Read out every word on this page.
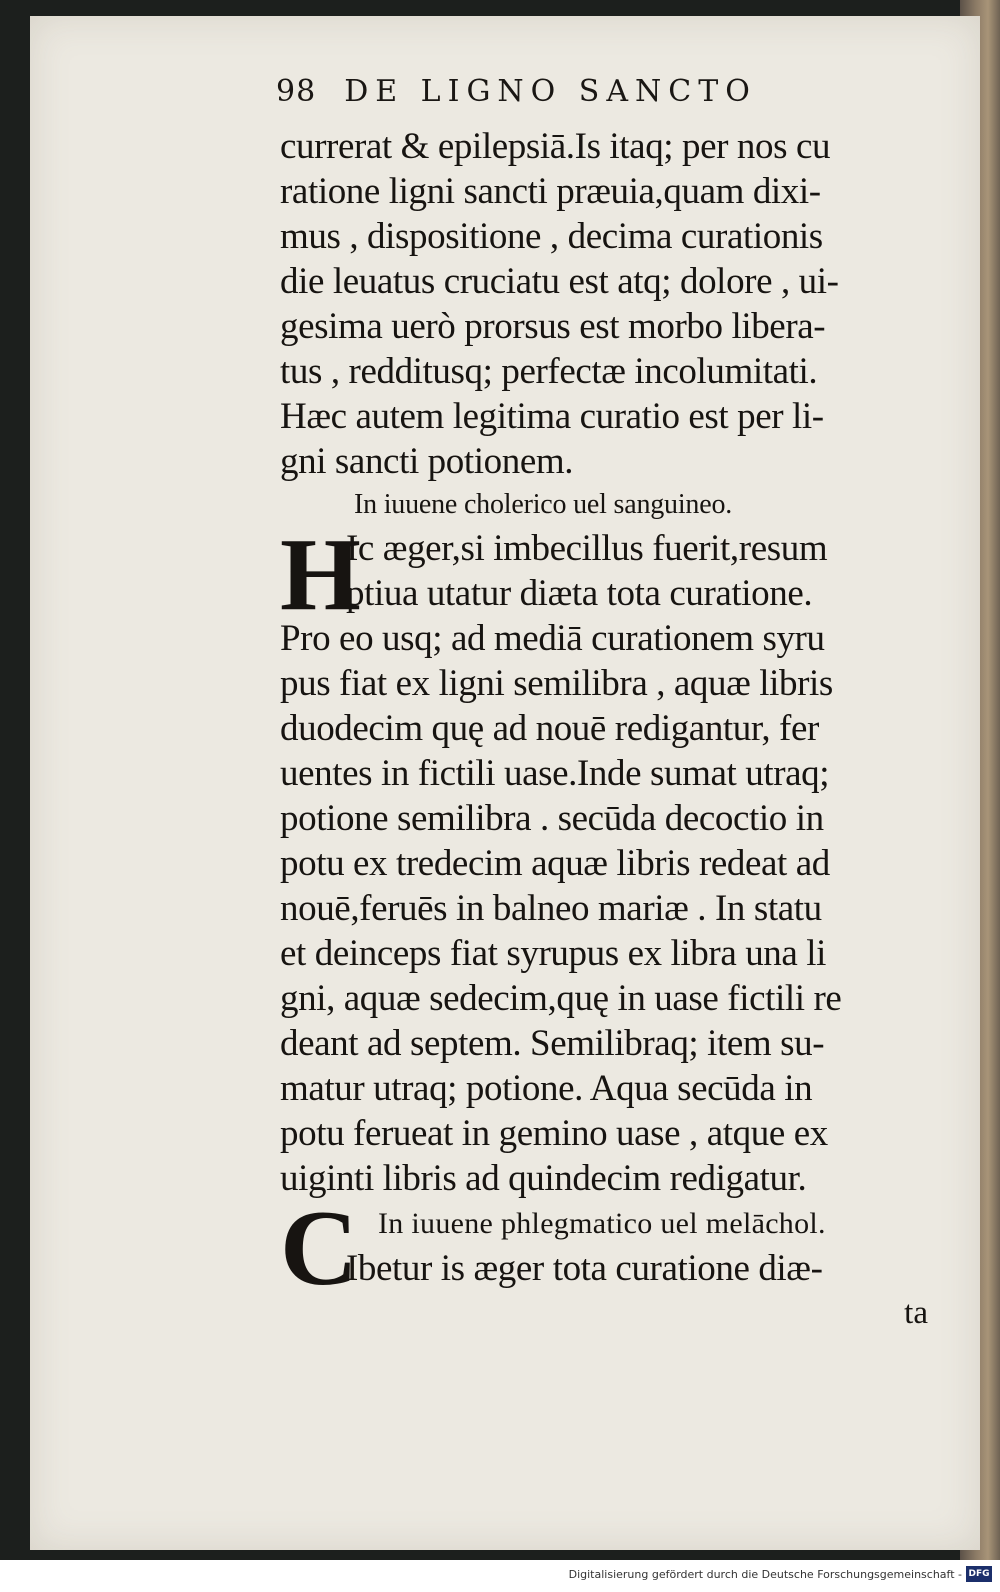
98 DE LIGNO SANCTO
currerat & epilepsiā.Is itaq; per nos cu
ratione ligni sancti præuia,quam dixi-
mus , dispositione , decima curationis
die leuatus cruciatu est atq; dolore , ui-
gesima uerò prorsus est morbo libera-
tus , redditusq; perfectæ incolumitati.
Hæc autem legitima curatio est per li-
gni sancti potionem.
In iuuene cholerico uel sanguineo.
H
Ic æger,si imbecillus fuerit,resum
ptiua utatur diæta tota curatione.
Pro eo usq; ad mediā curationem syru
pus fiat ex ligni semilibra , aquæ libris
duodecim quę ad nouē redigantur, fer
uentes in fictili uase.Inde sumat utraq;
potione semilibra . secūda decoctio in
potu ex tredecim aquæ libris redeat ad
nouē,feruēs in balneo mariæ . In statu
et deinceps fiat syrupus ex libra una li
gni, aquæ sedecim,quę in uase fictili re
deant ad septem. Semilibraq; item su-
matur utraq; potione. Aqua secūda in
potu ferueat in gemino uase , atque ex
uiginti libris ad quindecim redigatur.
C In iuuene phlegmatico uel melāchol.
Ibetur is æger tota curatione diæ-
ta
Digitalisierung gefördert durch die Deutsche Forschungsgemeinschaft - DFG
